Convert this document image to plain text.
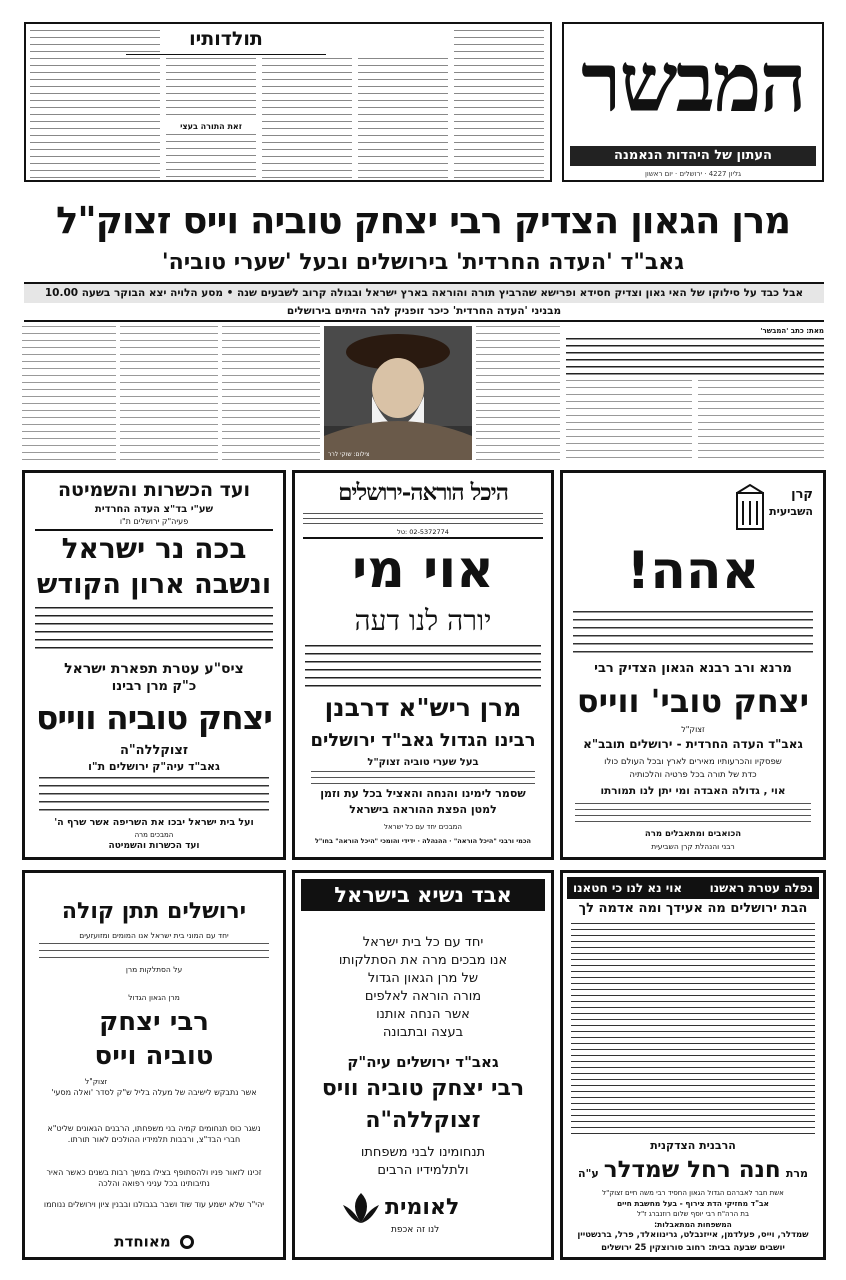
המבשר
העתון של היהדות הנאמנה
גליון 4227 · ירושלים · יום ראשון
תולדותיו
זאת התורה בעצי
מרן הגאון הצדיק רבי יצחק טוביה וייס זצוק"ל
גאב"ד 'העדה החרדית' בירושלים ובעל 'שערי טוביה'
אבל כבד על סילוקו של האי גאון וצדיק חסידא ופרישא שהרביץ תורה והוראה בארץ ישראל ובגולה קרוב לשבעים שנה • מסע הלויה יצא הבוקר בשעה 10.00
מבניני 'העדה החרדית' כיכר זופניק להר הזיתים בירושלים
מאת: כתב 'המבשר'
צילום: שוקי לרר
ועד הכשרות והשמיטה
שע"י בד"צ העדה החרדית
פעיה"ק ירושלים ת"ו
בכה נר ישראל
ונשבה ארון הקודש
ציס"ע עטרת תפארת ישראל
כ"ק מרן רבינו
יצחק טוביה ווייס
זצוקללה"ה
גאב"ד עיה"ק ירושלים ת"ו
ועל בית ישראל יבכו את השריפה אשר שרף ה'
המבכים מרה
ועד הכשרות והשמיטה
היכל הוראה-ירושלים
02-5372774 :טל
אוי מי
יורה לנו דעה
מרן ריש"א דרבנן
רבינו הגדול גאב"ד ירושלים
בעל שערי טוביה זצוק"ל
שסמר לימינו והנחה והאציל בכל עת וזמן
למטן הפצת ההוראה בישראל
המבכים יחד עם כל ישראל
הכמי ורבני "היכל הוראה" · ההנהלה · ידידי והומכי "היכל הוראה" בחו"ל
קרן
השביעית
אהה!
מרנא ורב רבנא הגאון הצדיק רבי
יצחק טובי' ווייס
זצוק"ל
גאב"ד העדה החרדית - ירושלים תובב"א
שפסקיו והכרעותיו מאירים לארץ ובכל העולם כולו
כדת של תורה בכל פרטיה והלכותיה
אוי , גדולה האבדה ומי יתן לנו תמורתו
הכואבים ומתאבלים מרה
רבני והנהלת קרן השביעית
ירושלים תתן קולה
יחד עם המוני בית ישראל אנו המומים ומזועזעים
על הסתלקות מרן
מרן הגאון הגדול
רבי יצחק
טוביה וייס
זצוק"ל
אשר נתבקש לישיבה של מעלה בליל ש"ק לסדר 'ואלה מסעי'
נשגר כוס תנחומים קמיה בני משפחתו, הרבנים הגאונים שליט"א חברי הבד"צ, ורבבות תלמידיו ההולכים לאור תורתו.
זכינו לזאור פניו ולהסתופף בצילו במשך רבות בשנים כאשר האיר נתיבותינו בכל עניני רפואה והלכה
יהי"ר שלא ישמע עוד שוד ושבר בגבולנו ובבנין ציון וירושלים ננוחמו
מאוחדת
אבד נשיא בישראל
יחד עם כל בית ישראל
אנו מבכים מרה את הסתלקותו
של מרן הגאון הגדול
מורה הוראה לאלפים
אשר הנחה אותנו
בעצה ובתבונה
גאב"ד ירושלים עיה"ק
רבי יצחק טוביה וויס
זצוקללה"ה
תנחומינו לבני משפחתו
ולתלמידיו הרבים
לאומית
לנו זה אכפת
נפלה עטרת ראשנו
אוי נא לנו כי חטאנו
הבת ירושלים מה אעידך ומה אדמה לך
הרבנית הצדקנית
מרת חנה רחל שמדלר ע"ה
אשת חבר לאברהם הגדול הגאון החסיד רבי משה חיים זצוק"ל
אב"ד מחזיקי הדת צירוף - בעל מחשבת חיים
בת הרה"ח רבי יוסף שלום רוזנברג ז"ל
המשפחות המתאבלות:
שמדלר, וייס, פעלדמן, אייזנבלט, גרינוואלד, פרל, ברנשטיין
יושבים שבעה בבית: רחוב סורוצקין 25 ירושלים
